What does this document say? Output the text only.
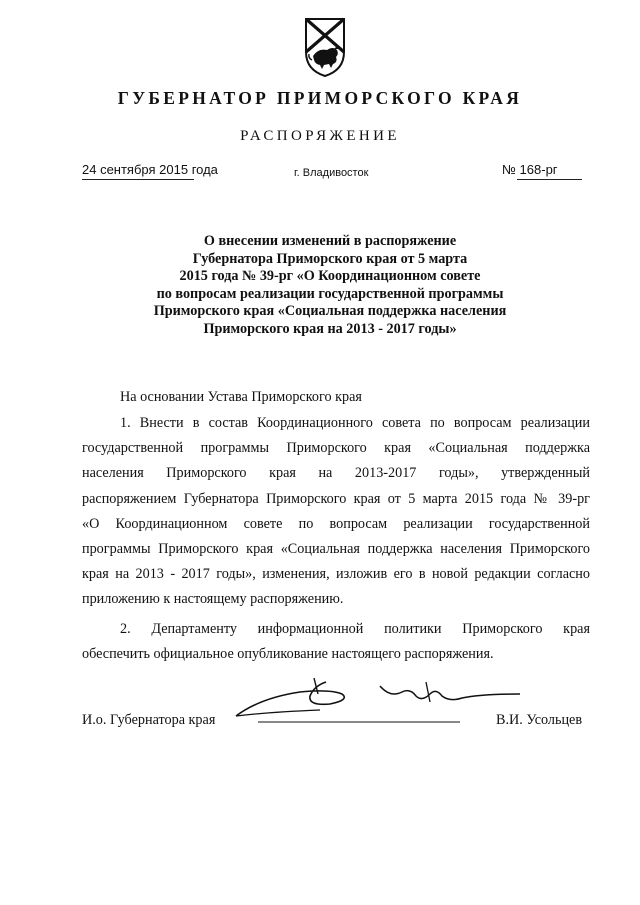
ГУБЕРНАТОР ПРИМОРСКОГО КРАЯ
РАСПОРЯЖЕНИЕ
24 сентября 2015 года	г. Владивосток	№ 168-рг
О внесении изменений в распоряжение
Губернатора Приморского края от 5 марта
2015 года № 39-рг «О Координационном совете
по вопросам реализации государственной программы
Приморского края «Социальная поддержка населения
Приморского края на 2013 - 2017 годы»
На основании Устава Приморского края
1. Внести в состав Координационного совета по вопросам реализации
государственной программы Приморского края «Социальная поддержка
населения Приморского края на 2013-2017 годы», утвержденный
распоряжением Губернатора Приморского края от 5 марта 2015 года № 39-рг
«О Координационном совете по вопросам реализации государственной
программы Приморского края «Социальная поддержка населения Приморского
края на 2013 - 2017 годы», изменения, изложив его в новой редакции согласно
приложению к настоящему распоряжению.
2. Департаменту информационной политики Приморского края
обеспечить официальное опубликование настоящего распоряжения.
И.о. Губернатора края	В.И. Усольцев
